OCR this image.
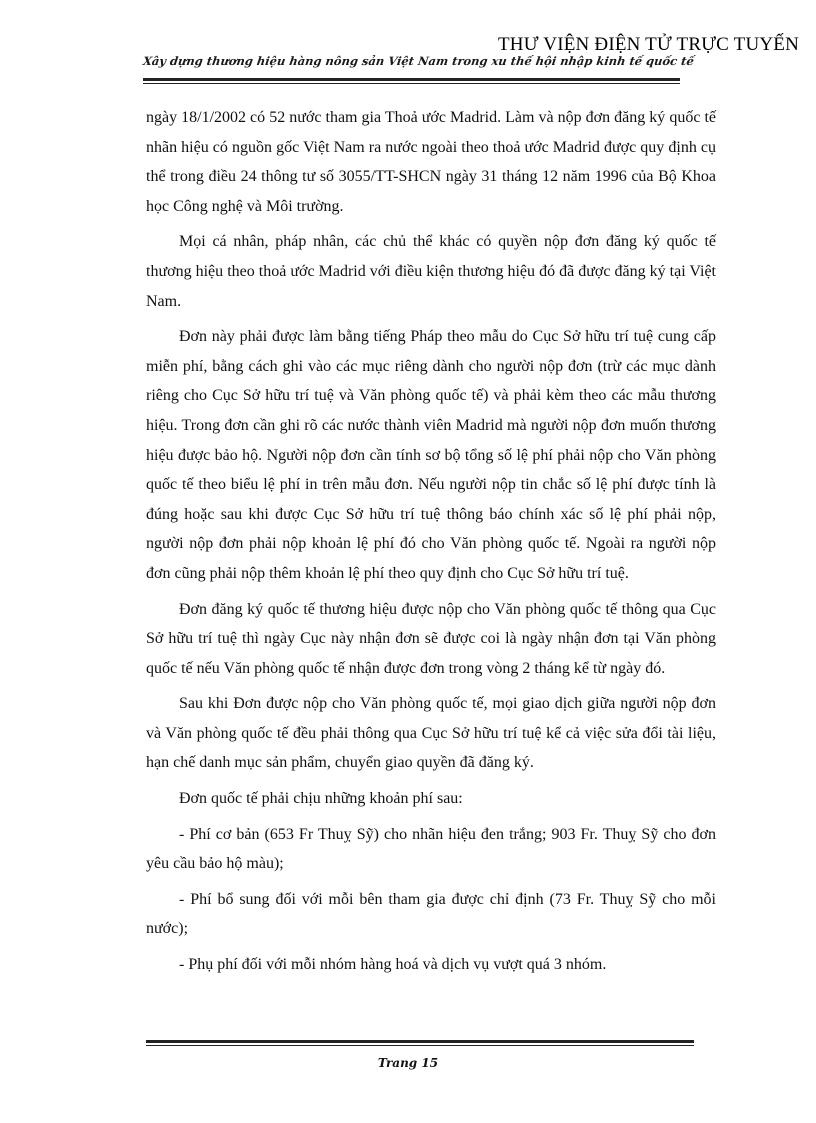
Xây dựng thương hiệu hàng nông sản Việt Nam trong xu thế hội nhập kinh tế quốc tế
THƯ VIỆN ĐIỆN TỬ TRỰC TUYẾN

ngày 18/1/2002 có 52 nước tham gia Thoả ước Madrid. Làm và nộp đơn đăng ký quốc tế nhãn hiệu có nguồn gốc Việt Nam ra nước ngoài theo thoả ước Madrid được quy định cụ thể trong điều 24 thông tư số 3055/TT-SHCN ngày 31 tháng 12 năm 1996 của Bộ Khoa học Công nghệ và Môi trường.

Mọi cá nhân, pháp nhân, các chủ thể khác có quyền nộp đơn đăng ký quốc tế thương hiệu theo thoả ước Madrid với điều kiện thương hiệu đó đã được đăng ký tại Việt Nam.

Đơn này phải được làm bằng tiếng Pháp theo mẫu do Cục Sở hữu trí tuệ cung cấp miễn phí, bằng cách ghi vào các mục riêng dành cho người nộp đơn (trừ các mục dành riêng cho Cục Sở hữu trí tuệ và Văn phòng quốc tế) và phải kèm theo các mẫu thương hiệu. Trong đơn cần ghi rõ các nước thành viên Madrid mà người nộp đơn muốn thương hiệu được bảo hộ. Người nộp đơn cần tính sơ bộ tổng số lệ phí phải nộp cho Văn phòng quốc tế theo biểu lệ phí in trên mẫu đơn. Nếu người nộp tin chắc số lệ phí được tính là đúng hoặc sau khi được Cục Sở hữu trí tuệ thông báo chính xác số lệ phí phải nộp, người nộp đơn phải nộp khoản lệ phí đó cho Văn phòng quốc tế. Ngoài ra người nộp đơn cũng phải nộp thêm khoản lệ phí theo quy định cho Cục Sở hữu trí tuệ.

Đơn đăng ký quốc tế thương hiệu được nộp cho Văn phòng quốc tế thông qua Cục Sở hữu trí tuệ thì ngày Cục này nhận đơn sẽ được coi là ngày nhận đơn tại Văn phòng quốc tế nếu Văn phòng quốc tế nhận được đơn trong vòng 2 tháng kể từ ngày đó.

Sau khi Đơn được nộp cho Văn phòng quốc tế, mọi giao dịch giữa người nộp đơn và Văn phòng quốc tế đều phải thông qua Cục Sở hữu trí tuệ kể cả việc sửa đổi tài liệu, hạn chế danh mục sản phẩm, chuyển giao quyền đã đăng ký.

Đơn quốc tế phải chịu những khoản phí sau:

- Phí cơ bản (653 Fr Thuỵ Sỹ) cho nhãn hiệu đen trắng; 903 Fr. Thuỵ Sỹ cho đơn yêu cầu bảo hộ màu);

- Phí bổ sung đối với mỗi bên tham gia được chỉ định (73 Fr. Thuỵ Sỹ cho mỗi nước);

- Phụ phí đối với mỗi nhóm hàng hoá và dịch vụ vượt quá 3 nhóm.

Trang 15
